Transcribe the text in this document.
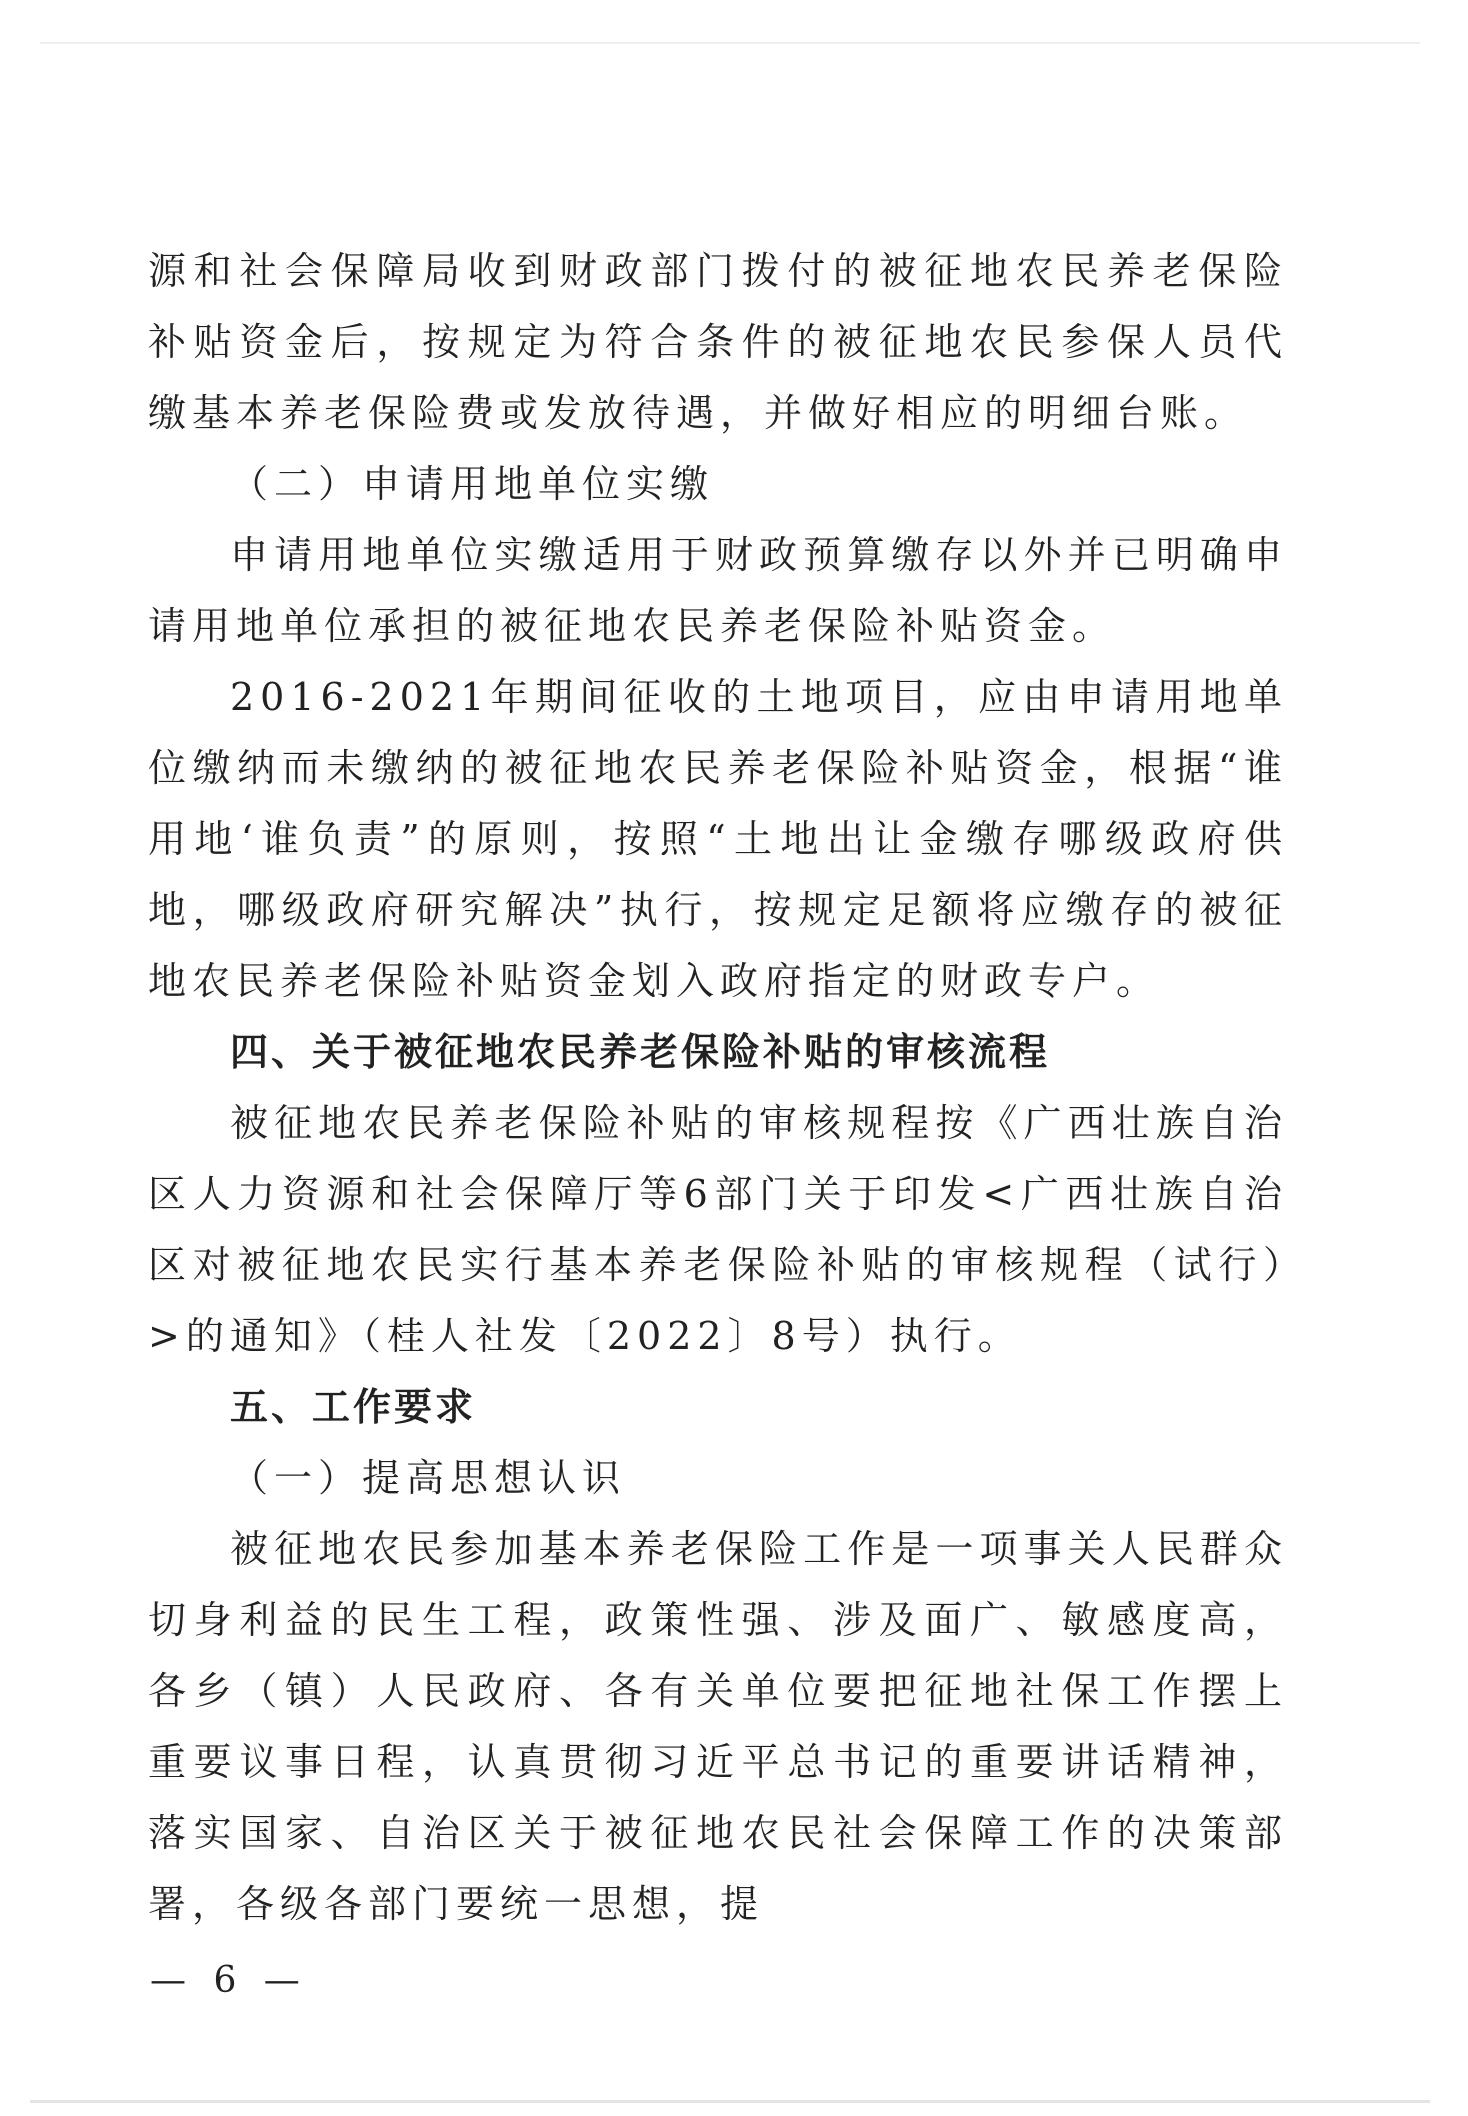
源和社会保障局收到财政部门拨付的被征地农民养老保险补贴资金后，按规定为符合条件的被征地农民参保人员代缴基本养老保险费或发放待遇，并做好相应的明细台账。

（二）申请用地单位实缴

申请用地单位实缴适用于财政预算缴存以外并已明确申请用地单位承担的被征地农民养老保险补贴资金。

2016-2021年期间征收的土地项目，应由申请用地单位缴纳而未缴纳的被征地农民养老保险补贴资金，根据“谁用地‘谁负责”的原则，按照“土地出让金缴存哪级政府供地，哪级政府研究解决”执行，按规定足额将应缴存的被征地农民养老保险补贴资金划入政府指定的财政专户。

四、关于被征地农民养老保险补贴的审核流程

被征地农民养老保险补贴的审核规程按《广西壮族自治区人力资源和社会保障厅等6部门关于印发<广西壮族自治区对被征地农民实行基本养老保险补贴的审核规程（试行）>的通知》（桂人社发〔2022〕8号）执行。

五、工作要求

（一）提高思想认识

被征地农民参加基本养老保险工作是一项事关人民群众切身利益的民生工程，政策性强、涉及面广、敏感度高，各乡（镇）人民政府、各有关单位要把征地社保工作摆上重要议事日程，认真贯彻习近平总书记的重要讲话精神，落实国家、自治区关于被征地农民社会保障工作的决策部署，各级各部门要统一思想，提

— 6 —
